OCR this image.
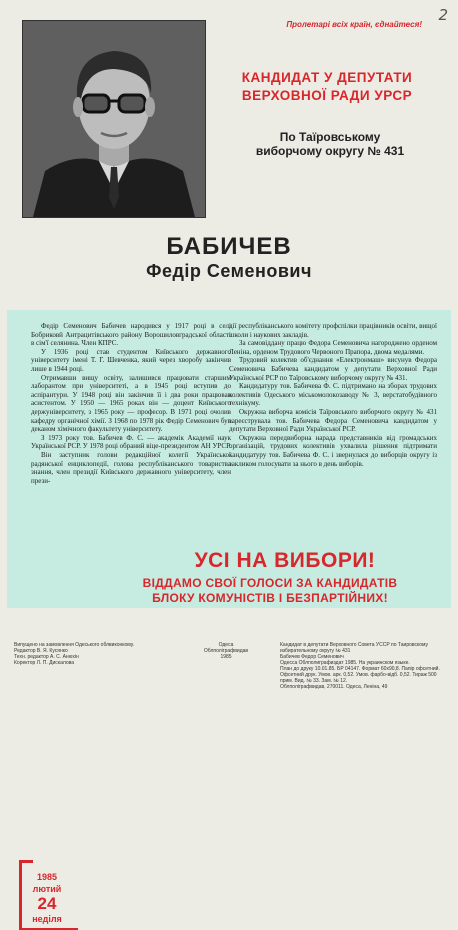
2
Пролетарі всіх країн, єднайтеся!
КАНДИДАТ У ДЕПУТАТИ
ВЕРХОВНОЇ РАДИ УРСР
По Таїровському
виборчому округу № 431
БАБИЧЕВ
Федір Семенович

Федір Семенович Бабичев народився у 1917 році в селі Бобриковй Антрацитівського району Ворошиловградської області в сім'ї селянина. Член КПРС.

У 1936 році став студентом Київського державного університету імені Т. Г. Шевченка, який через хворобу закінчив лише в 1944 році.

Отримавши вищу освіту, залишився працювати старшим лаборантом при університеті, а в 1945 році вступив до аспірантури. У 1948 році він закінчив її і два роки працював асистентом. У 1950 — 1965 роках він — доцент Київського держуніверситету, з 1965 року — професор. В 1971 році очолив кафедру органічної хімії. З 1968 по 1978 рік Федір Семенович був деканом хімічного факультету університету.

З 1973 року тов. Бабичев Ф. С. — академік Академії наук Української РСР. У 1978 році обраний віце-президентом АН УРСР.

Він заступник голови редакційної колегії Української радянської енциклопедії, голова республіканського товариства знання, член президії Київського державного університету, член прези-

дії республіканського комітету профспілки працівників освіти, вищої школи і наукових закладів.

За самовіддану працю Федора Семеновича нагороджено орденом Леніна, орденом Трудового Червоного Прапора, двома медалями.

Трудовий колектив об'єднання «Електронмаш» висунув Федора Семеновича Бабичева кандидатом у депутати Верховної Ради Української РСР по Таїровському виборчому округу № 431.

Кандидатуру тов. Бабичева Ф. С. підтримано на зборах трудових колективів Одеського міськомолокозаводу № 3, верстатобудівного технікуму.

Окружна виборча комісія Таїровського виборчого округу № 431 зареєструвала тов. Бабичева Федора Семеновича кандидатом у депутати Верховної Ради Української РСР.

Окружна передвиборна нарада представників від громадських організацій, трудових колективів ухвалила рішення підтримати кандидатуру тов. Бабичева Ф. С. і звернулася до виборців округу із закликом голосувати за нього в день виборів.

1985
лютий
24
неділя
УСІ НА ВИБОРИ!
ВІДДАМО СВОЇ ГОЛОСИ ЗА КАНДИДАТІВ
БЛОКУ КОМУНІСТІВ І БЕЗПАРТІЙНИХ!
Випущено на замовлення Одеського облвиконкому.
Редактор В. Я. Кусянко
Техн. редактор А. С. Анюхін
Коректор Л. П. Дискалова
Одеса
Облполіграфвидав
1985
Кандидат в депутати Верховного Совета УССР по Таировскому избирательному округу № 431
Бабичев Федор Семенович
Одесса Облполиграфиздат 1985. На украинском языке.
План до друку 10.01.85. БР 04147. Формат 60х90,8. Папір офсетний. Офсетний друк. Умов. арк. 0,52. Умов. фарбо-відб. 0,52. Тираж 500 прим. Вид. № 33. Зам. № 12.
Облполіграфвидав, 270011. Одеса, Леніна, 49
